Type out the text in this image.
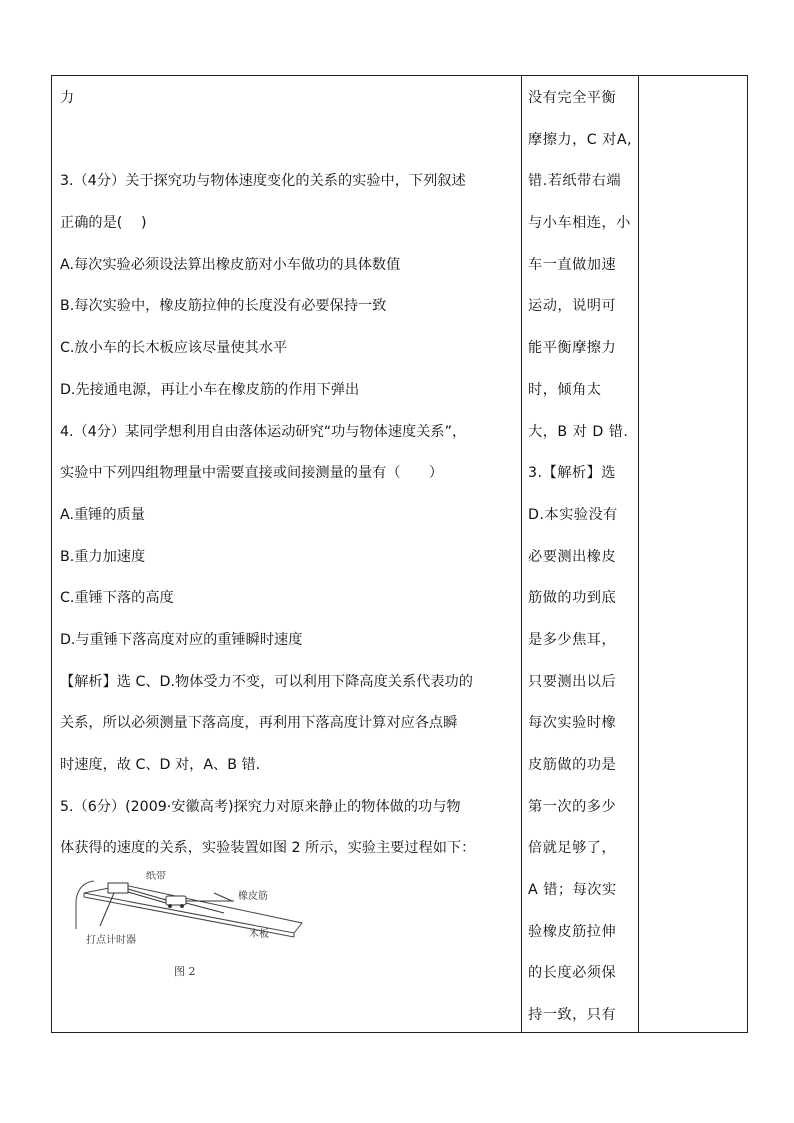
力
3.（4分）关于探究功与物体速度变化的关系的实验中，下列叙述
正确的是(　 )
A.每次实验必须设法算出橡皮筋对小车做功的具体数值
B.每次实验中，橡皮筋拉伸的长度没有必要保持一致
C.放小车的长木板应该尽量使其水平
D.先接通电源，再让小车在橡皮筋的作用下弹出
4.（4分）某同学想利用自由落体运动研究“功与物体速度关系”，
实验中下列四组物理量中需要直接或间接测量的量有（　　）
A.重锤的质量
B.重力加速度
C.重锤下落的高度
D.与重锤下落高度对应的重锤瞬时速度
【解析】选 C、D.物体受力不变，可以利用下降高度关系代表功的
关系，所以必须测量下落高度，再利用下落高度计算对应各点瞬
时速度，故 C、D 对，A、B 错.
5.（6分）(2009·安徽高考)探究力对原来静止的物体做的功与物
体获得的速度的关系，实验装置如图 2 所示，实验主要过程如下：
纸带
橡皮筋
打点计时器
木板
图 2
没有完全平衡
摩擦力，C 对A,
错.若纸带右端
与小车相连，小
车一直做加速
运动，说明可
能平衡摩擦力
时，倾角太
大，B 对 D 错.
3.【解析】选
D.本实验没有
必要测出橡皮
筋做的功到底
是多少焦耳，
只要测出以后
每次实验时橡
皮筋做的功是
第一次的多少
倍就足够了，
A 错；每次实
验橡皮筋拉伸
的长度必须保
持一致，只有
